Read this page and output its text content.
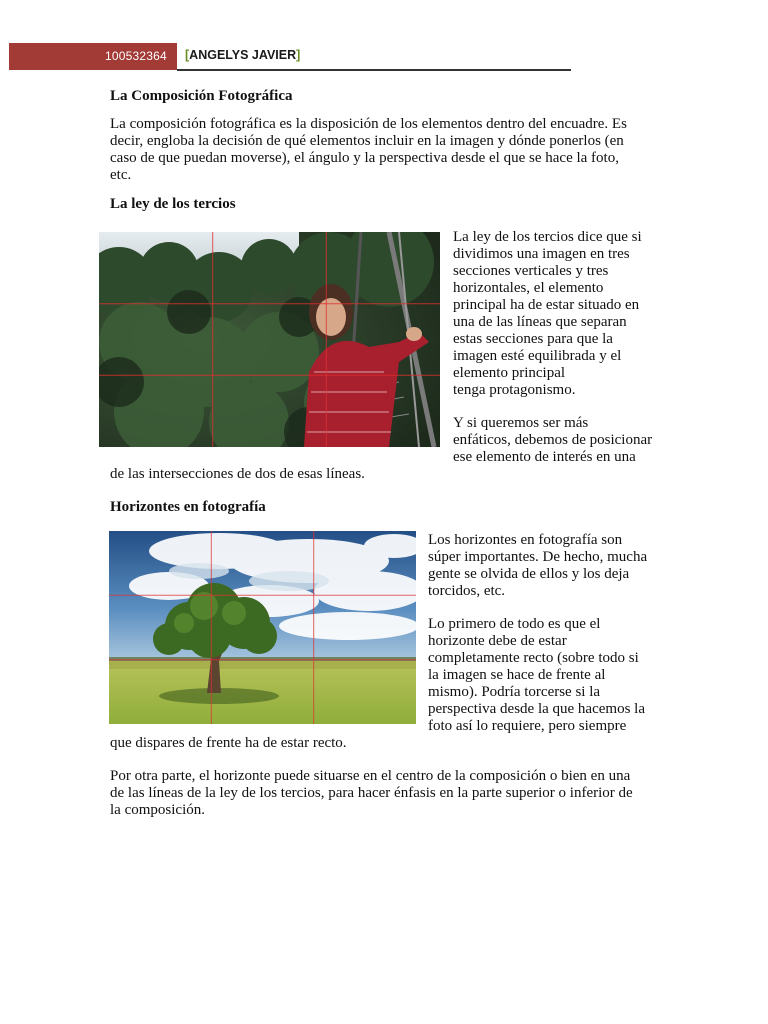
100532364 [ANGELYS JAVIER]
La Composición Fotográfica
La composición fotográfica es la disposición de los elementos dentro del encuadre. Es
decir, engloba la decisión de qué elementos incluir en la imagen y dónde ponerlos (en
caso de que puedan moverse), el ángulo y la perspectiva desde el que se hace la foto,
etc.
La ley de los tercios
La ley de los tercios dice que si
dividimos una imagen en tres
secciones verticales y tres
horizontales, el elemento
principal ha de estar situado en
una de las líneas que separan
estas secciones para que la
imagen esté equilibrada y el
elemento principal
tenga protagonismo.
Y si queremos ser más
enfáticos, debemos de posicionar
ese elemento de interés en una
de las intersecciones de dos de esas líneas.
Horizontes en fotografía
Los horizontes en fotografía son
súper importantes. De hecho, mucha
gente se olvida de ellos y los deja
torcidos, etc.
Lo primero de todo es que el
horizonte debe de estar
completamente recto (sobre todo si
la imagen se hace de frente al
mismo). Podría torcerse si la
perspectiva desde la que hacemos la
foto así lo requiere, pero siempre
que dispares de frente ha de estar recto.
Por otra parte, el horizonte puede situarse en el centro de la composición o bien en una
de las líneas de la ley de los tercios, para hacer énfasis en la parte superior o inferior de
la composición.
